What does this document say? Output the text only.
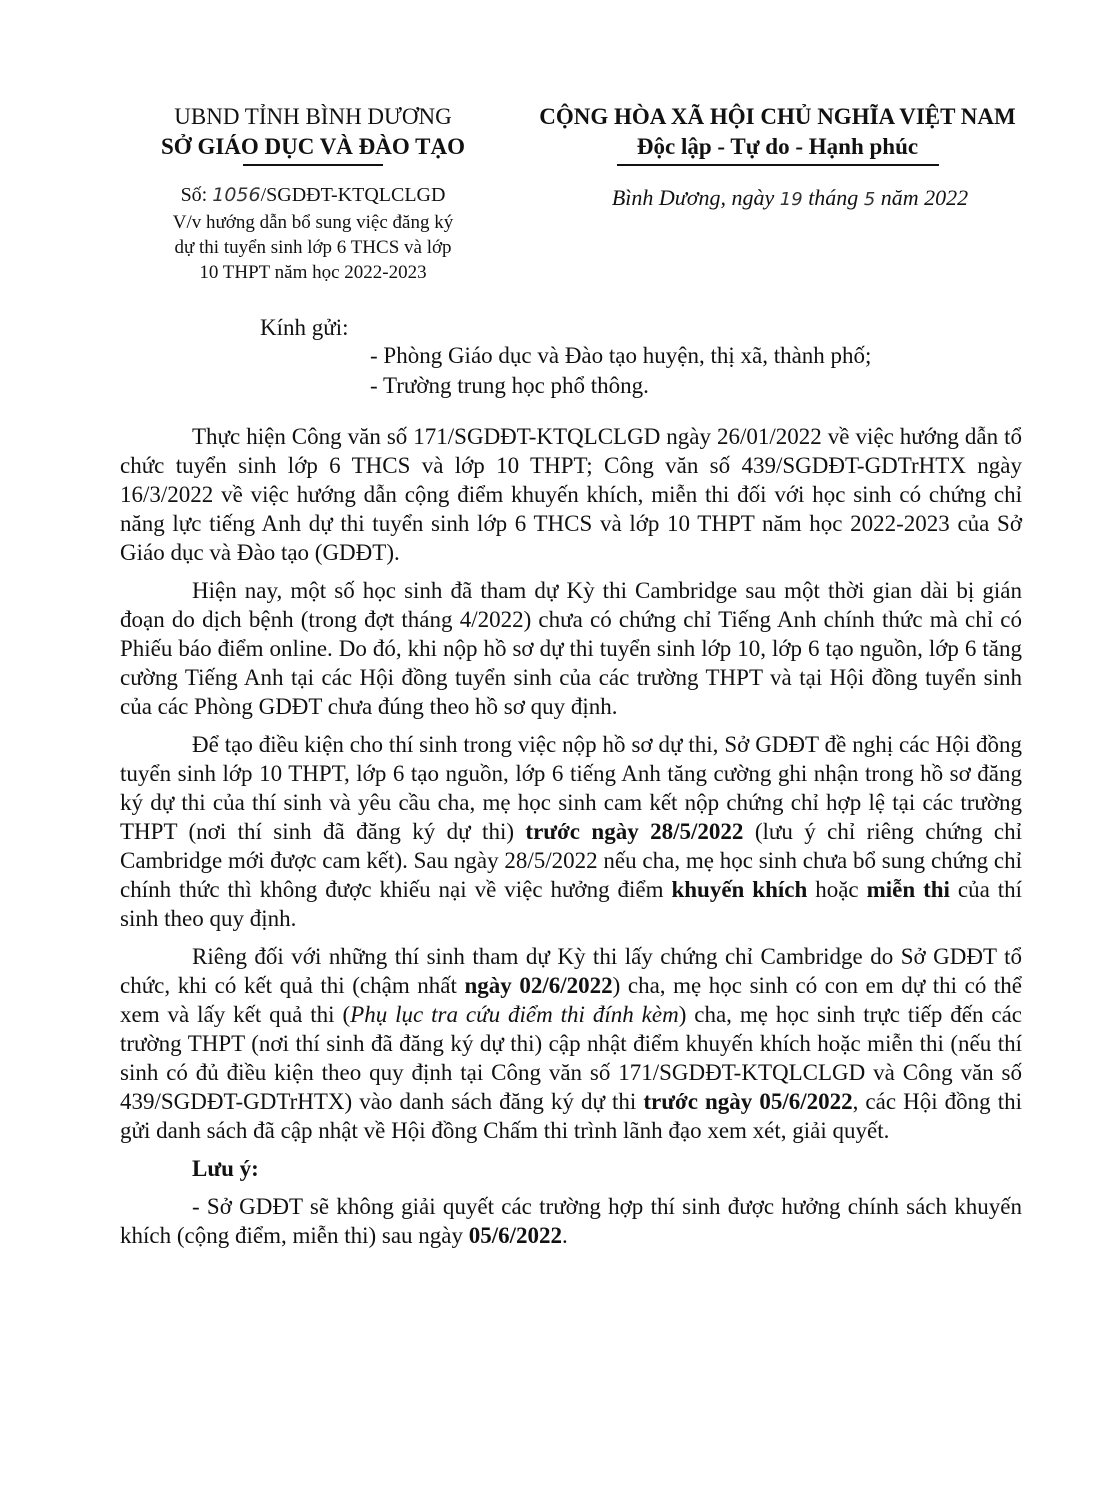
UBND TỈNH BÌNH DƯƠNG
SỞ GIÁO DỤC VÀ ĐÀO TẠO
CỘNG HÒA XÃ HỘI CHỦ NGHĨA VIỆT NAM
Độc lập - Tự do - Hạnh phúc
Số: 1056/SGDĐT-KTQLCLGD
V/v hướng dẫn bổ sung việc đăng ký
dự thi tuyển sinh lớp 6 THCS và lớp
10 THPT năm học 2022-2023
Bình Dương, ngày 19 tháng 5 năm 2022
Kính gửi:
- Phòng Giáo dục và Đào tạo huyện, thị xã, thành phố;
- Trường trung học phổ thông.

Thực hiện Công văn số 171/SGDĐT-KTQLCLGD ngày 26/01/2022 về việc hướng dẫn tổ chức tuyển sinh lớp 6 THCS và lớp 10 THPT; Công văn số 439/SGDĐT-GDTrHTX ngày 16/3/2022 về việc hướng dẫn cộng điểm khuyến khích, miễn thi đối với học sinh có chứng chỉ năng lực tiếng Anh dự thi tuyển sinh lớp 6 THCS và lớp 10 THPT năm học 2022-2023 của Sở Giáo dục và Đào tạo (GDĐT).

Hiện nay, một số học sinh đã tham dự Kỳ thi Cambridge sau một thời gian dài bị gián đoạn do dịch bệnh (trong đợt tháng 4/2022) chưa có chứng chỉ Tiếng Anh chính thức mà chỉ có Phiếu báo điểm online. Do đó, khi nộp hồ sơ dự thi tuyển sinh lớp 10, lớp 6 tạo nguồn, lớp 6 tăng cường Tiếng Anh tại các Hội đồng tuyển sinh của các trường THPT và tại Hội đồng tuyển sinh của các Phòng GDĐT chưa đúng theo hồ sơ quy định.

Để tạo điều kiện cho thí sinh trong việc nộp hồ sơ dự thi, Sở GDĐT đề nghị các Hội đồng tuyển sinh lớp 10 THPT, lớp 6 tạo nguồn, lớp 6 tiếng Anh tăng cường ghi nhận trong hồ sơ đăng ký dự thi của thí sinh và yêu cầu cha, mẹ học sinh cam kết nộp chứng chỉ hợp lệ tại các trường THPT (nơi thí sinh đã đăng ký dự thi) trước ngày 28/5/2022 (lưu ý chỉ riêng chứng chỉ Cambridge mới được cam kết). Sau ngày 28/5/2022 nếu cha, mẹ học sinh chưa bổ sung chứng chỉ chính thức thì không được khiếu nại về việc hưởng điểm khuyến khích hoặc miễn thi của thí sinh theo quy định.

Riêng đối với những thí sinh tham dự Kỳ thi lấy chứng chỉ Cambridge do Sở GDĐT tổ chức, khi có kết quả thi (chậm nhất ngày 02/6/2022) cha, mẹ học sinh có con em dự thi có thể xem và lấy kết quả thi (Phụ lục tra cứu điểm thi đính kèm) cha, mẹ học sinh trực tiếp đến các trường THPT (nơi thí sinh đã đăng ký dự thi) cập nhật điểm khuyến khích hoặc miễn thi (nếu thí sinh có đủ điều kiện theo quy định tại Công văn số 171/SGDĐT-KTQLCLGD và Công văn số 439/SGDĐT-GDTrHTX) vào danh sách đăng ký dự thi trước ngày 05/6/2022, các Hội đồng thi gửi danh sách đã cập nhật về Hội đồng Chấm thi trình lãnh đạo xem xét, giải quyết.

Lưu ý:

- Sở GDĐT sẽ không giải quyết các trường hợp thí sinh được hưởng chính sách khuyến khích (cộng điểm, miễn thi) sau ngày 05/6/2022.
